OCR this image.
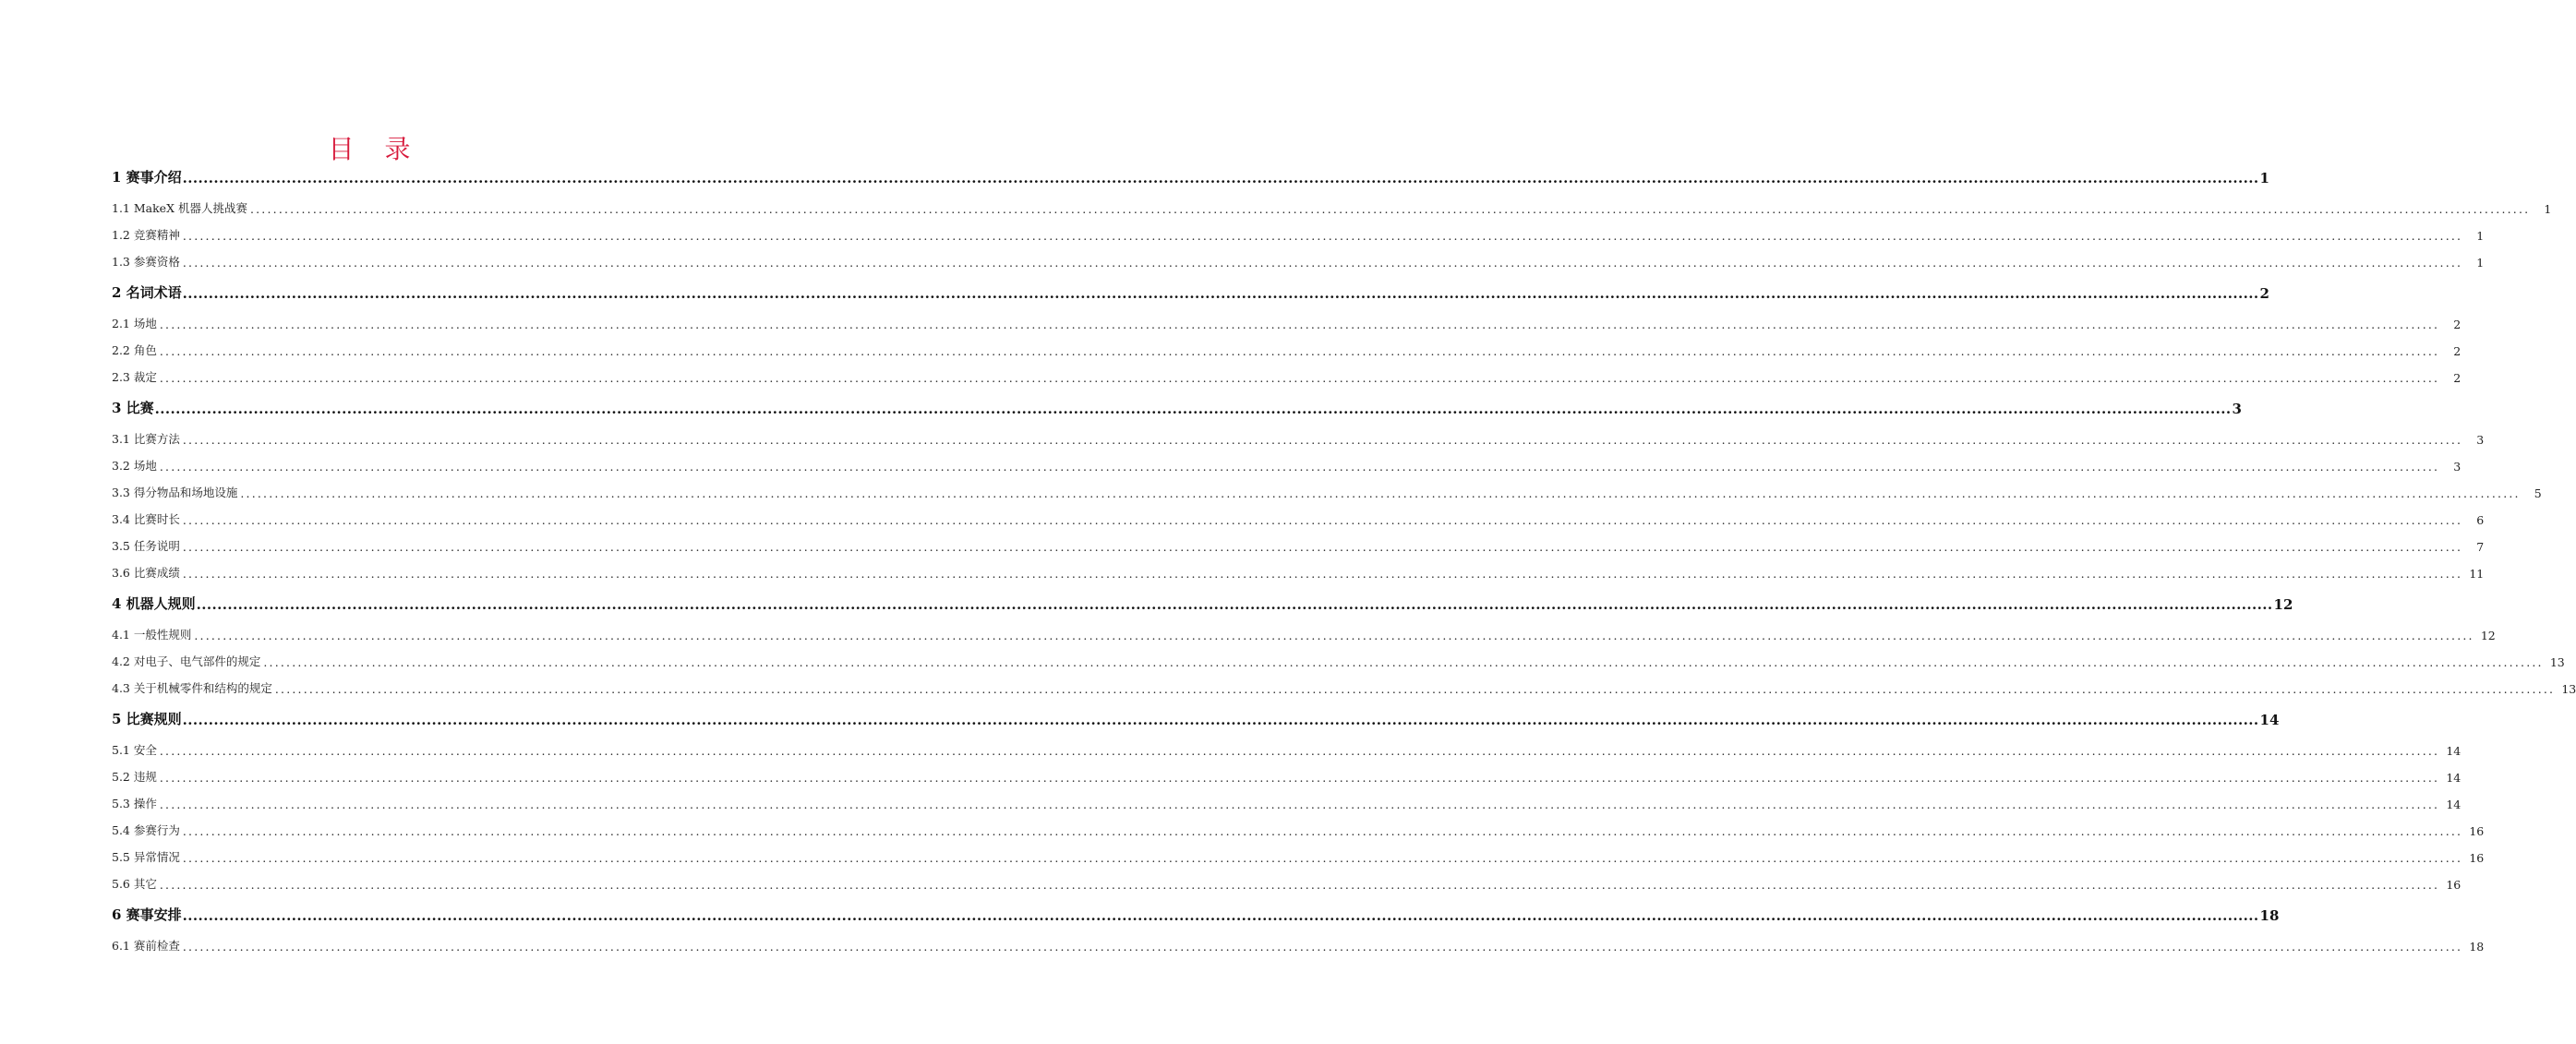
目 录
1 赛事介绍 ................................................................................................................................................................................................................................................................................................................................................................................................................ 1
1.1 MakeX 机器人挑战赛 ................................................................................................................................................................................................................................................................................................................................................................................................................	1
1.2 竞赛精神 ................................................................................................................................................................................................................................................................................................................................................................................................................	1
1.3 参赛资格 ................................................................................................................................................................................................................................................................................................................................................................................................................	1
2 名词术语 ................................................................................................................................................................................................................................................................................................................................................................................................................ 2
2.1 场地 ................................................................................................................................................................................................................................................................................................................................................................................................................	2
2.2 角色 ................................................................................................................................................................................................................................................................................................................................................................................................................	2
2.3 裁定 ................................................................................................................................................................................................................................................................................................................................................................................................................	2
3 比赛 ................................................................................................................................................................................................................................................................................................................................................................................................................ 3
3.1 比赛方法 ................................................................................................................................................................................................................................................................................................................................................................................................................	3
3.2 场地 ................................................................................................................................................................................................................................................................................................................................................................................................................	3
3.3 得分物品和场地设施 ................................................................................................................................................................................................................................................................................................................................................................................................................	5
3.4 比赛时长 ................................................................................................................................................................................................................................................................................................................................................................................................................	6
3.5 任务说明 ................................................................................................................................................................................................................................................................................................................................................................................................................	7
3.6 比赛成绩 ................................................................................................................................................................................................................................................................................................................................................................................................................ 11
4 机器人规则 ................................................................................................................................................................................................................................................................................................................................................................................................................ 12
4.1 一般性规则 ................................................................................................................................................................................................................................................................................................................................................................................................................ 12
4.2 对电子、电气部件的规定 ................................................................................................................................................................................................................................................................................................................................................................................................................ 13
4.3 关于机械零件和结构的规定 ................................................................................................................................................................................................................................................................................................................................................................................................................ 13
5 比赛规则 ................................................................................................................................................................................................................................................................................................................................................................................................................ 14
5.1 安全 ................................................................................................................................................................................................................................................................................................................................................................................................................ 14
5.2 违规 ................................................................................................................................................................................................................................................................................................................................................................................................................ 14
5.3 操作 ................................................................................................................................................................................................................................................................................................................................................................................................................ 14
5.4 参赛行为 ................................................................................................................................................................................................................................................................................................................................................................................................................ 16
5.5 异常情况 ................................................................................................................................................................................................................................................................................................................................................................................................................ 16
5.6 其它 ................................................................................................................................................................................................................................................................................................................................................................................................................ 16
6 赛事安排 ................................................................................................................................................................................................................................................................................................................................................................................................................ 18
6.1 赛前检查 ................................................................................................................................................................................................................................................................................................................................................................................................................ 18
